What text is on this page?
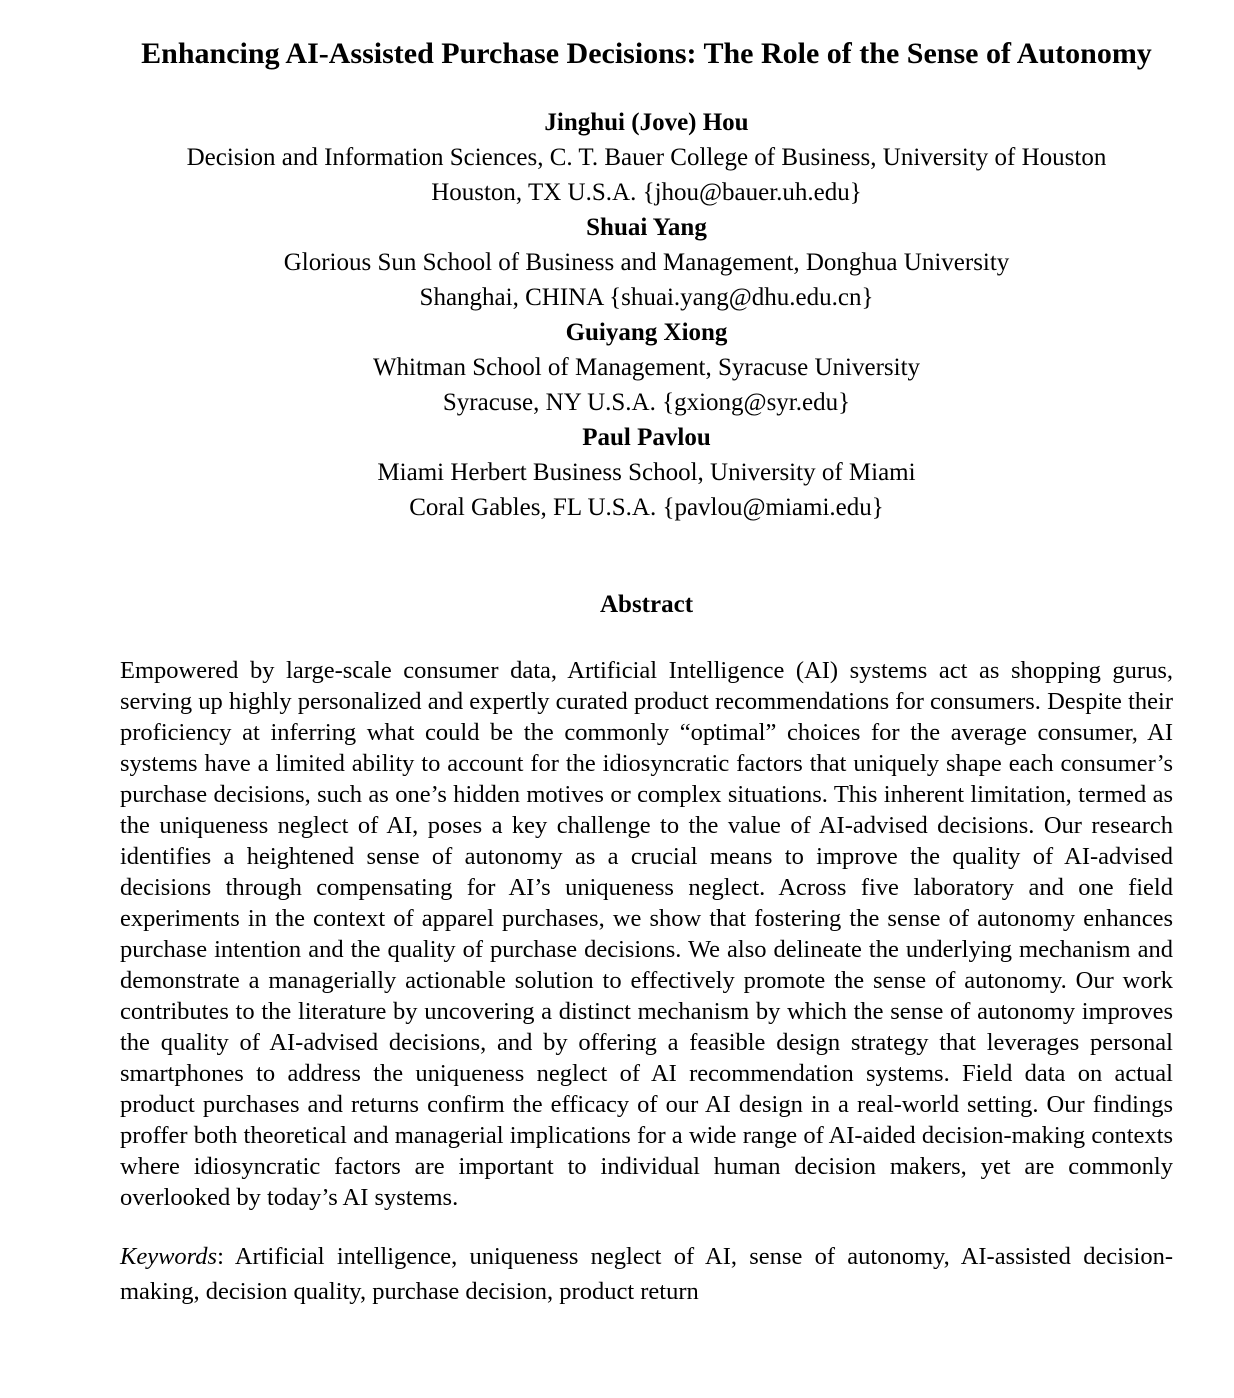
Enhancing AI-Assisted Purchase Decisions: The Role of the Sense of Autonomy
Jinghui (Jove) Hou
Decision and Information Sciences, C. T. Bauer College of Business, University of Houston
Houston, TX U.S.A. {jhou@bauer.uh.edu}
Shuai Yang
Glorious Sun School of Business and Management, Donghua University
Shanghai, CHINA {shuai.yang@dhu.edu.cn}
Guiyang Xiong
Whitman School of Management, Syracuse University
Syracuse, NY U.S.A. {gxiong@syr.edu}
Paul Pavlou
Miami Herbert Business School, University of Miami
Coral Gables, FL U.S.A. {pavlou@miami.edu}
Abstract

Empowered by large-scale consumer data, Artificial Intelligence (AI) systems act as shopping gurus, serving up highly personalized and expertly curated product recommendations for consumers. Despite their proficiency at inferring what could be the commonly “optimal” choices for the average consumer, AI systems have a limited ability to account for the idiosyncratic factors that uniquely shape each consumer’s purchase decisions, such as one’s hidden motives or complex situations. This inherent limitation, termed as the uniqueness neglect of AI, poses a key challenge to the value of AI-advised decisions. Our research identifies a heightened sense of autonomy as a crucial means to improve the quality of AI-advised decisions through compensating for AI’s uniqueness neglect. Across five laboratory and one field experiments in the context of apparel purchases, we show that fostering the sense of autonomy enhances purchase intention and the quality of purchase decisions. We also delineate the underlying mechanism and demonstrate a managerially actionable solution to effectively promote the sense of autonomy. Our work contributes to the literature by uncovering a distinct mechanism by which the sense of autonomy improves the quality of AI-advised decisions, and by offering a feasible design strategy that leverages personal smartphones to address the uniqueness neglect of AI recommendation systems. Field data on actual product purchases and returns confirm the efficacy of our AI design in a real-world setting. Our findings proffer both theoretical and managerial implications for a wide range of AI-aided decision-making contexts where idiosyncratic factors are important to individual human decision makers, yet are commonly overlooked by today’s AI systems.

Keywords: Artificial intelligence, uniqueness neglect of AI, sense of autonomy, AI-assisted decision-making, decision quality, purchase decision, product return
